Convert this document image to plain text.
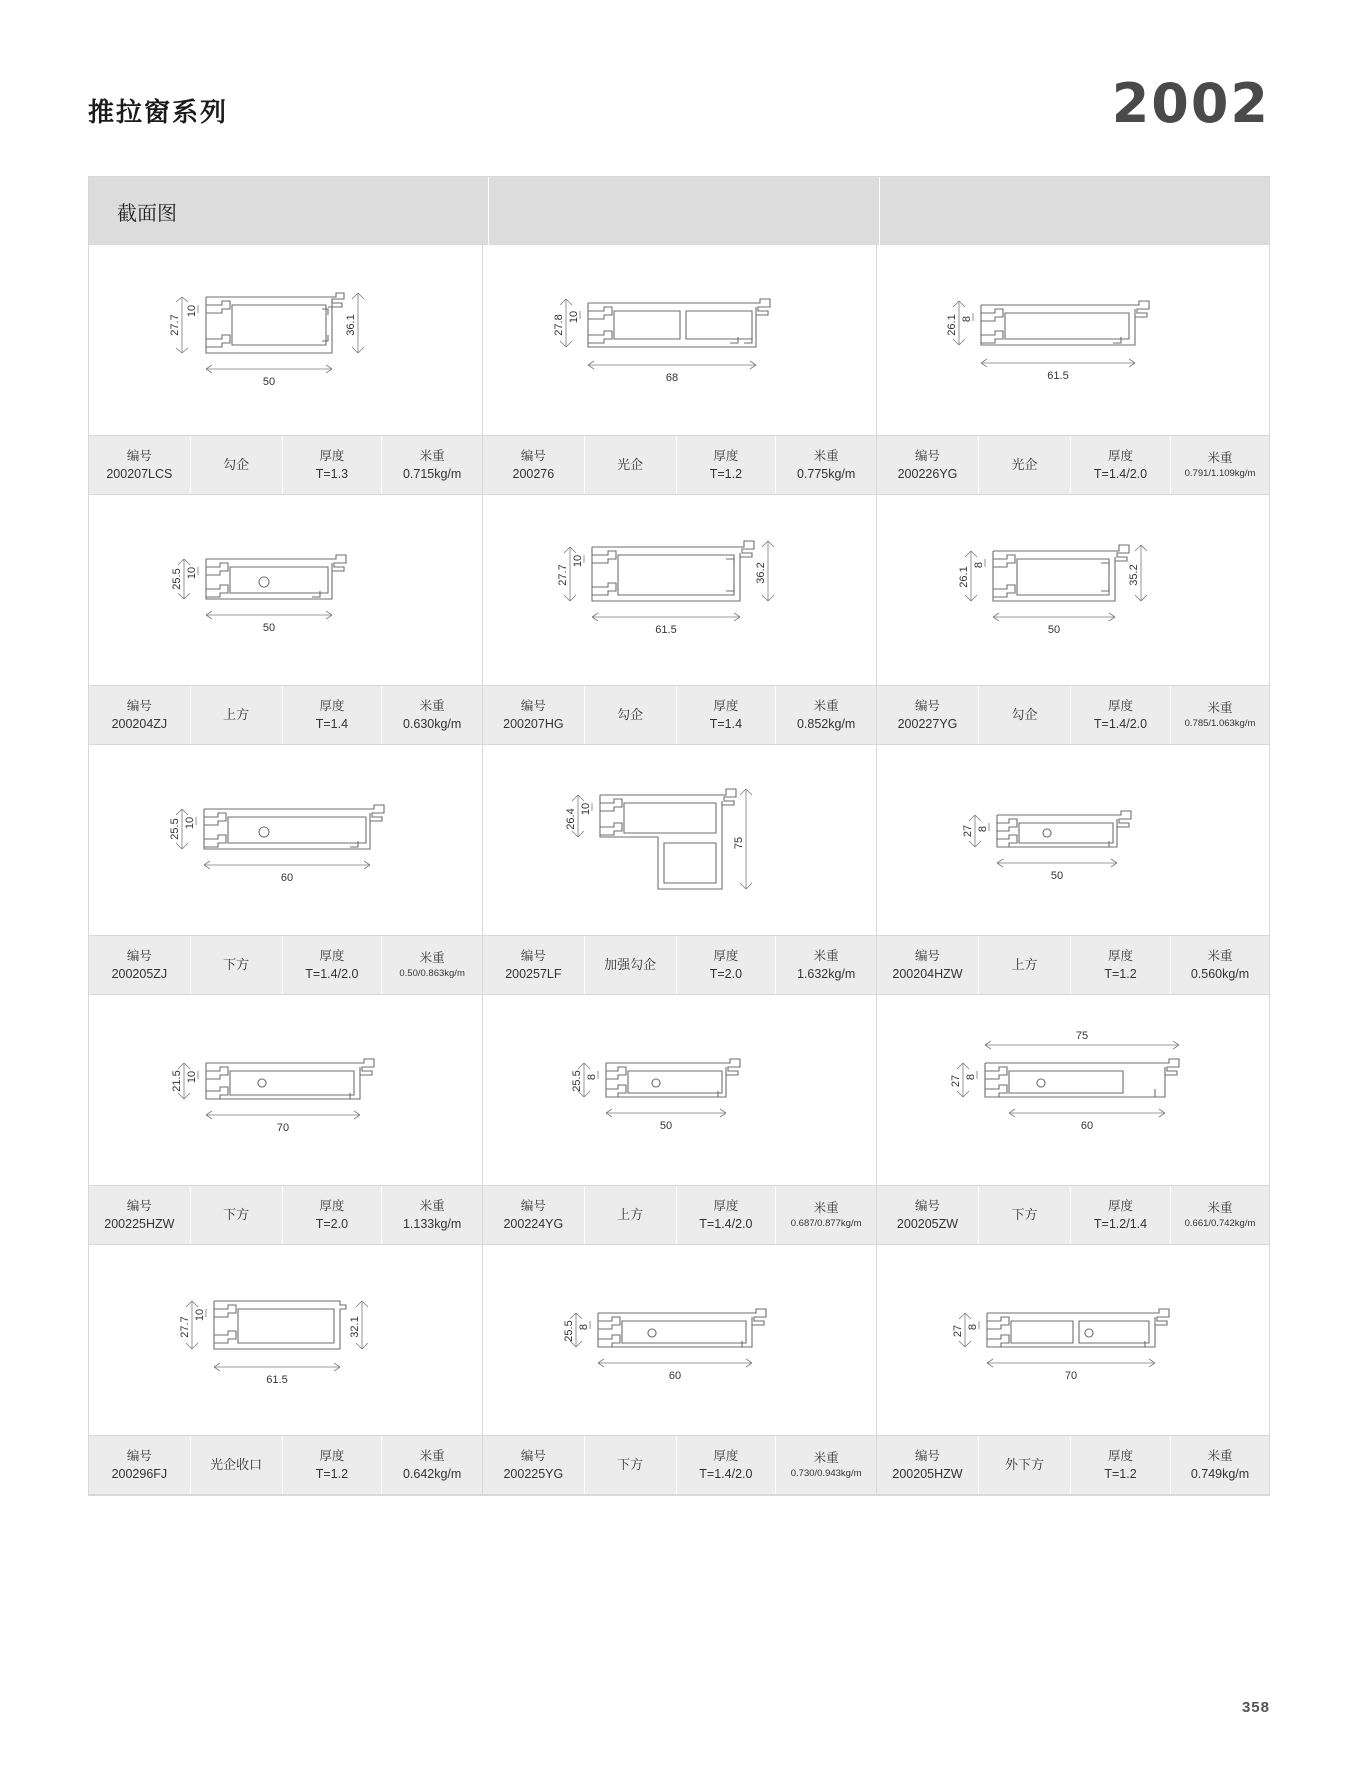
推拉窗系列	2002
截面图
27.7
10
36.1
50
编号
200207LCS
勾企
厚度
T=1.3
米重
0.715kg/m
27.8 10
68
编号
200276
光企
厚度
T=1.2
米重
0.775kg/m
26.1 8
61.5
编号
200226YG
光企
厚度
T=1.4/2.0
米重
0.791/1.109kg/m
25.5 10
50
编号
200204ZJ
上方
厚度
T=1.4
米重
0.630kg/m
27.7
10
36.2
61.5
编号
200207HG
勾企
厚度
T=1.4
米重
0.852kg/m
26.1
8	35.2
50
编号
200227YG
勾企
厚度
T=1.4/2.0
米重
0.785/1.063kg/m
25.5 10
60
编号
200205ZJ
下方
厚度
T=1.4/2.0
米重
0.50/0.863kg/m
26.4 10
75
编号
200257LF
加强勾企
厚度
T=2.0
米重
1.632kg/m
27 8
50
编号
200204HZW
上方
厚度
T=1.2
米重
0.560kg/m
21.5 10
70
编号
200225HZW
下方
厚度
T=2.0
米重
1.133kg/m
25.5 8
50
编号
200224YG
上方
厚度
T=1.4/2.0
米重
0.687/0.877kg/m
75
27 8
60
编号
200205ZW
下方
厚度
T=1.2/1.4
米重
0.661/0.742kg/m
27.7
10
32.1
61.5
编号
200296FJ
光企收口
厚度
T=1.2
米重
0.642kg/m
25.5 8
60
编号
200225YG
下方
厚度
T=1.4/2.0
米重
0.730/0.943kg/m
27 8
70
编号
200205HZW
外下方
厚度
T=1.2
米重
0.749kg/m
358
